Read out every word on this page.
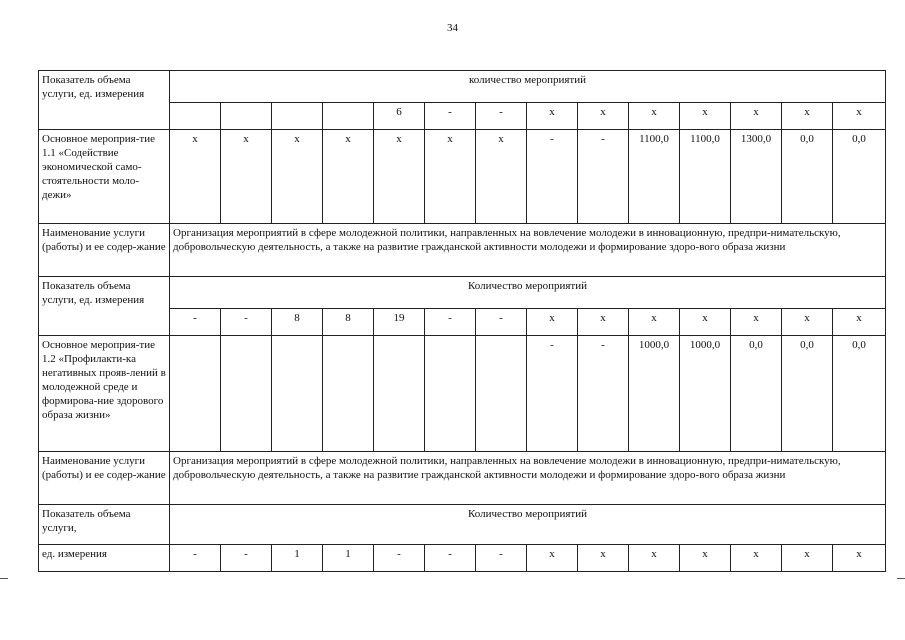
34
Показатель объема услуги, ед. измерения	количество мероприятий													
					6	-	-	x	x	x	x	x	x	x
Основное мероприя-тие 1.1 «Содействие экономической само-стоятельности моло-дежи»	x	x	x	x	x	x	x	-	-	1100,0	1100,0	1300,0	0,0	0,0
Наименование услуги (работы) и ее содер-жание	Организация мероприятий в сфере молодежной политики, направленных на вовлечение молодежи в инновационную, предпри-нимательскую, добровольческую деятельность, а также на развитие гражданской активности молодежи и формирование здоро-вого образа жизни													
Показатель объема услуги, ед. измерения	Количество мероприятий													
	-	-	8	8	19	-	-	x	x	x	x	x	x	x
Основное мероприя-тие 1.2 «Профилакти-ка негативных прояв-лений в молодежной среде и формирова-ние здорового образа жизни»								-	-	1000,0	1000,0	0,0	0,0	0,0
Наименование услуги (работы) и ее содер-жание	Организация мероприятий в сфере молодежной политики, направленных на вовлечение молодежи в инновационную, предпри-нимательскую, добровольческую деятельность, а также на развитие гражданской активности молодежи и формирование здоро-вого образа жизни													
Показатель объема услуги,	Количество мероприятий													
ед. измерения	-	-	1	1	-	-	-	x	x	x	x	x	x	x
